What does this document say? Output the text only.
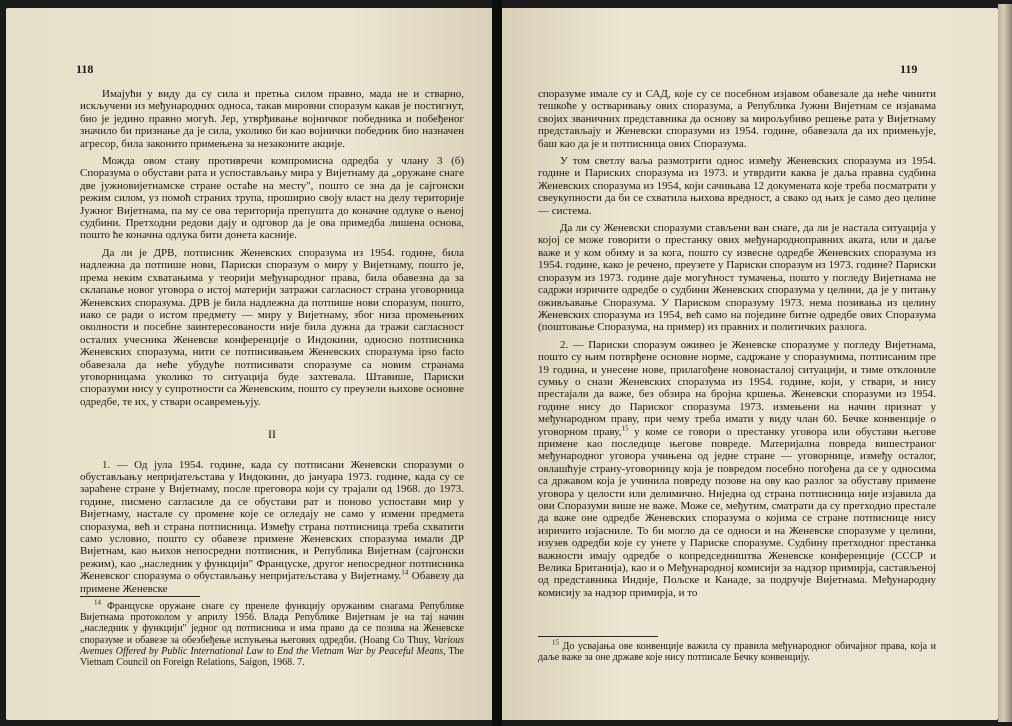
118

Имајући у виду да су сила и претња силом правно, мада не и стварно, искључени из међународних односа, такав мировни споразум какав је постигнут, био је једино правно могућ. Јер, утврђивање војничког победника и побеђеног значило би признање да је сила, уколико би као војнички победник био назначен агресор, била законито примењена за незаконите акције.

Можда овом ставу противречи компромисна одредба у члану 3 (б) Споразума о обустави рата и успостављању мира у Вијетнаму да „оружане снаге две јужновијетнамске стране остаће на месту", пошто се зна да је сајгонски режим силом, уз помоћ страних трупа, проширио своју власт на делу територије Јужног Вијетнама, па му се ова територија препушта до коначне одлуке о њеној судбини. Претходни редови дају и одговор да је ова примедба лишена основа, пошто ће коначна одлука бити донета касније.

Да ли је ДРВ, потписник Женевских споразума из 1954. године, била надлежна да потпише нови, Париски споразум о миру у Вијетнаму, пошто је, према неким схватањима у теорији међународног права, била обавезна да за склапање новог уговора о истој материји затражи сагласност страна уговорница Женевских споразума. ДРВ је била надлежна да потпише нови споразум, пошто, иако се ради о истом предмету — миру у Вијетнаму, због низа промењених околности и посебне заинтересованости није била дужна да тражи сагласност осталих учесника Женевске конференције о Индокини, односно потписника Женевских споразума, нити се потписивањем Женевских споразума ipso facto обавезала да неће убудуће потписивати споразуме са новим странама уговорницама уколико то ситуација буде захтевала. Штавише, Париски споразуми нису у супротности са Женевским, пошто су преузели њихове основне одредбе, те их, у ствари осавремењују.

II

1. — Од јула 1954. године, када су потписани Женевски споразуми о обустављању непријатељстава у Индокини, до јануара 1973. године, када су се зараћене стране у Вијетнаму, после преговора који су трајали од 1968. до 1973. године, писмено сагласиле да се обустави рат и поново успостави мир у Вијетнаму, настале су промене које се огледају не само у измени предмета споразума, већ и страна потписница. Између страна потписница треба схватити само условно, пошто су обавезе примене Женевских споразума имали ДР Вијетнам, као њихов непосредни потписник, и Република Вијетнам (сајгонски режим), као „наследник у функцији" Француске, другог непосредног потписника Женевског споразума о обустављању непријатељстава у Вијетнаму.$^{14}$ Обавезу да примене Женевске

$^{14}$ Француске оружане снаге су пренеле функцију оружаним снагама Републике Вијетнама протоколом у априлу 1956. Влада Републике Вијетнам је на тај начин „наследник у функцији" једног од потписника и има право да се позива на Женевске споразуме и обавезе за обезбеђење испуњења његових одредби. (Hoang Co Thuy, Various Avenues Offered by Public International Law to End the Vietnam War by Peaceful Means, The Vietnam Council on Foreign Relations, Saigon, 1968. 7.

119

споразуме имале су и САД, које су се посебном изјавом обавезале да неће чинити тешкоће у остваривању ових споразума, а Република Јужни Вијетнам се изјавама својих званичних представника да основу за мирољубиво решење рата у Вијетнаму представљају и Женевски споразуми из 1954. године, обавезала да их примењује, баш као да је и потписница ових Споразума.

У том светлу ваља размотрити однос између Женевских споразума из 1954. године и Париских споразума из 1973. и утврдити каква је даља правна судбина Женевских споразума из 1954, који сачињава 12 докумената које треба посматрати у свеукупности да би се схватила њихова вредност, а свако од њих је само део целине — система.

Да ли су Женевски споразуми стављени ван снаге, да ли је настала ситуација у којој се може говорити о престанку ових међународноправних аката, или и даље важе и у ком обиму и за кога, пошто су извесне одредбе Женевских споразума из 1954. године, како је речено, преузете у Париски споразум из 1973. године? Париски споразум из 1973. године даје могућност тумачења, пошто у погледу Вијетнама не садржи изричите одредбе о судбини Женевских споразума у целини, да је у питању оживљавање Споразума. У Париском споразуму 1973. нема позивања из целину Женевских споразума из 1954, већ само на поједине битне одредбе ових Споразума (поштовање Споразума, на пример) из правних и политичких разлога.

2. — Париски споразум оживео је Женевске споразуме у погледу Вијетнама, пошто су њим потврђене основне норме, садржане у споразумима, потписаним пре 19 година, и унесене нове, прилагођене новонасталој ситуацији, и тиме отклониле сумњу о снази Женевских споразума из 1954. године, који, у ствари, и нису престајали да важе, без обзира на бројна кршења. Женевски споразуми из 1954. године нису до Париског споразума 1973. измењени на начин признат у међународном праву, при чему треба имати у виду члан 60. Бечке конвенције о уговорном праву,$^{15}$ у коме се говори о престанку уговора или обустави његове примене као последице његове повреде. Материјална повреда вишестраног међународног уговора учињена од једне стране — уговорнице, између осталог, овлашћује страну-уговорницу која је повредом посебно погођена да се у односима са државом која је учинила повреду позове на ову као разлог за обуставу примене уговора у целости или делимично. Ниједна од страна потписница није изјавила да ови Споразуми више не важе. Може се, међутим, сматрати да су претходно престале да важе оне одредбе Женевских споразума о којима се стране потписнице нису изричито изјасниле. То би могло да се односи и на Женевске споразуме у целини, изузев одредби које су унете у Париске споразуме. Судбину претходног престанка важности имају одредбе о копредседништва Женевске конференције (СССР и Велика Британија), као и о Међународној комисији за надзор примирја, састављеној од представника Индије, Пољске и Канаде, за подручје Вијетнама. Међународну комисију за надзор примирја, и то

$^{15}$ До усвајања ове конвенције важила су правила међународног обичајног права, која и даље важе за оне државе које нису потписале Бечку конвенцију.
